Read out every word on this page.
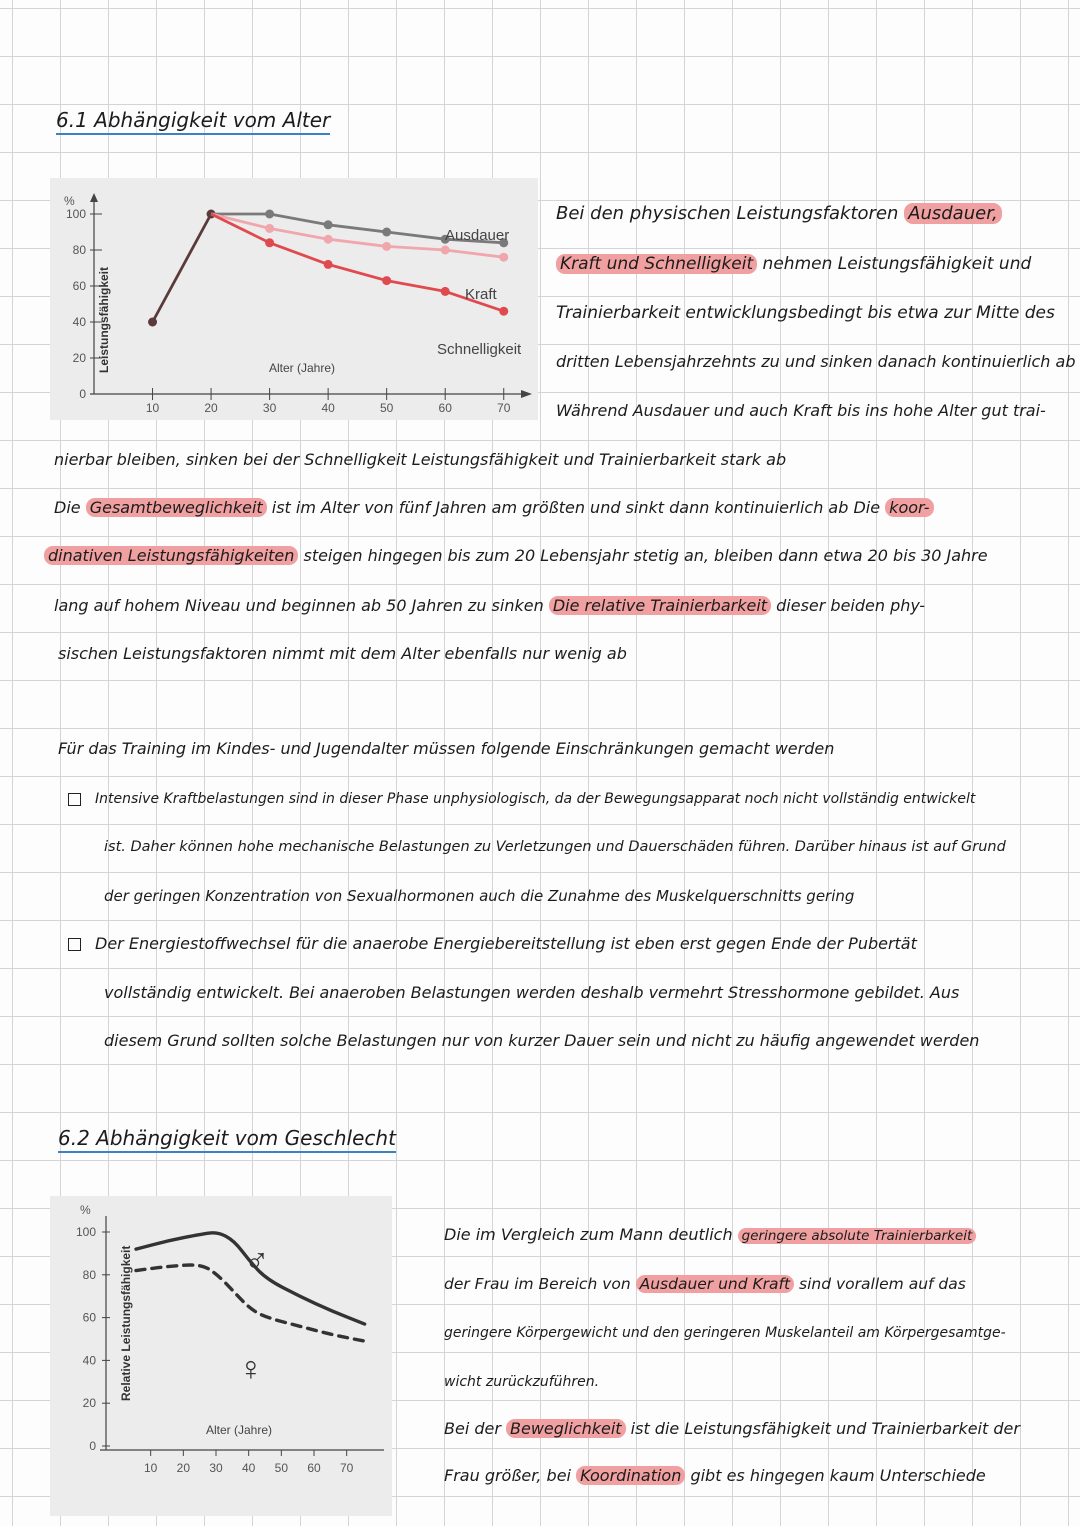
6.1 Abhängigkeit vom Alter
%
100
80
60
40
20
0
10	20	30	40	50	60	70
Leistungsfähigkeit	Alter (Jahre)
Ausdauer
Kraft
Schnelligkeit
Bei den physischen Leistungsfaktoren Ausdauer,
Kraft und Schnelligkeit nehmen Leistungsfähigkeit und
Trainierbarkeit entwicklungsbedingt bis etwa zur Mitte des
dritten Lebensjahrzehnts zu und sinken danach kontinuierlich ab
Während Ausdauer und auch Kraft bis ins hohe Alter gut trai-
nierbar bleiben, sinken bei der Schnelligkeit Leistungsfähigkeit und Trainierbarkeit stark ab
Die Gesamtbeweglichkeit ist im Alter von fünf Jahren am größten und sinkt dann kontinuierlich ab Die koor-
dinativen Leistungsfähigkeiten steigen hingegen bis zum 20 Lebensjahr stetig an, bleiben dann etwa 20 bis 30 Jahre
lang auf hohem Niveau und beginnen ab 50 Jahren zu sinken Die relative Trainierbarkeit dieser beiden phy-
sischen Leistungsfaktoren nimmt mit dem Alter ebenfalls nur wenig ab
Für das Training im Kindes- und Jugendalter müssen folgende Einschränkungen gemacht werden
Intensive Kraftbelastungen sind in dieser Phase unphysiologisch, da der Bewegungsapparat noch nicht vollständig entwickelt
ist. Daher können hohe mechanische Belastungen zu Verletzungen und Dauerschäden führen. Darüber hinaus ist auf Grund
der geringen Konzentration von Sexualhormonen auch die Zunahme des Muskelquerschnitts gering
Der Energiestoffwechsel für die anaerobe Energiebereitstellung ist eben erst gegen Ende der Pubertät
vollständig entwickelt. Bei anaeroben Belastungen werden deshalb vermehrt Stresshormone gebildet. Aus
diesem Grund sollten solche Belastungen nur von kurzer Dauer sein und nicht zu häufig angewendet werden
6.2 Abhängigkeit vom Geschlecht
%
100
80
60
40
20
0
10 20 30 40 50 60 70
Relative Leistungsfähigkeit
Alter (Jahre)
♂
♀
Die im Vergleich zum Mann deutlich geringere absolute Trainierbarkeit
der Frau im Bereich von Ausdauer und Kraft sind vorallem auf das
geringere Körpergewicht und den geringeren Muskelanteil am Körpergesamtge-
wicht zurückzuführen.
Bei der Beweglichkeit ist die Leistungsfähigkeit und Trainierbarkeit der
Frau größer, bei Koordination gibt es hingegen kaum Unterschiede
